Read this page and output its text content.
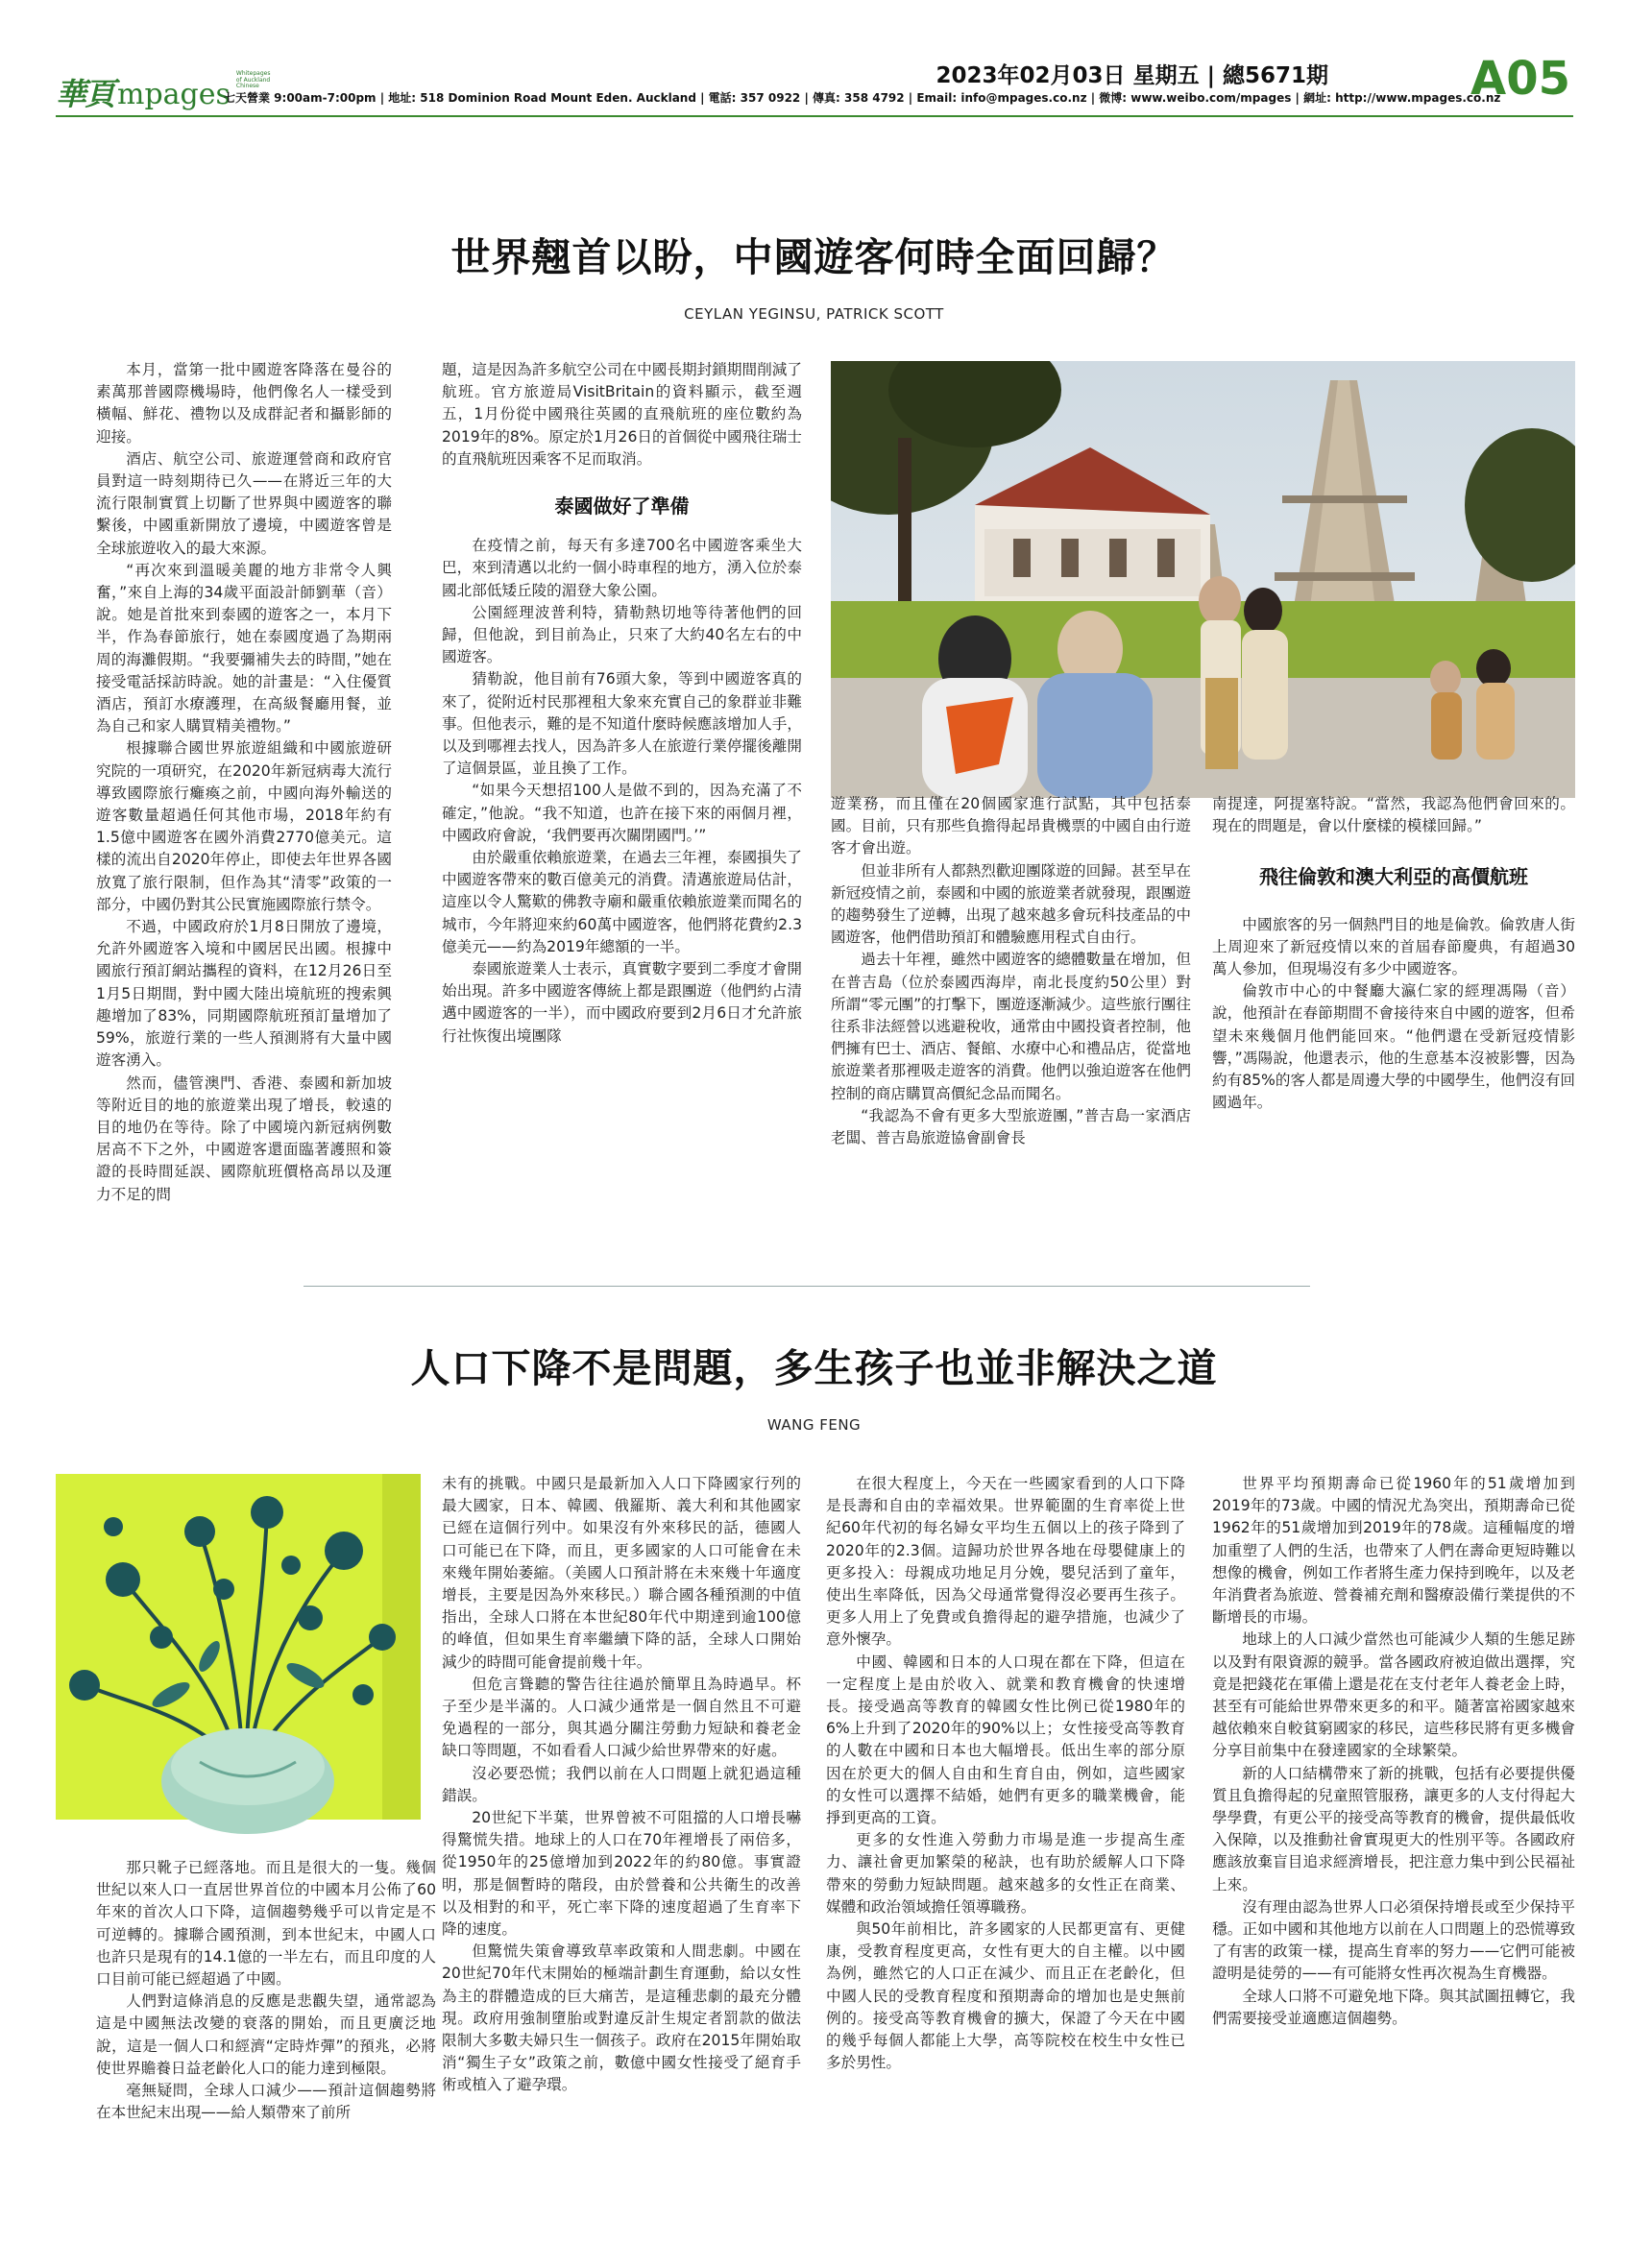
華頁 mpages
Whitepages of Auckland Chinese	2023年02月03日 星期五 | 總5671期	A05
七天營業 9:00am-7:00pm | 地址: 518 Dominion Road Mount Eden. Auckland | 電話: 357 0922 | 傳真: 358 4792 | Email: info@mpages.co.nz | 微博: www.weibo.com/mpages | 網址: http://www.mpages.co.nz
世界翹首以盼，中國遊客何時全面回歸？
CEYLAN YEGINSU, PATRICK SCOTT

本月，當第一批中國遊客降落在曼谷的素萬那普國際機場時，他們像名人一樣受到橫幅、鮮花、禮物以及成群記者和攝影師的迎接。

酒店、航空公司、旅遊運營商和政府官員對這一時刻期待已久——在將近三年的大流行限制實質上切斷了世界與中國遊客的聯繫後，中國重新開放了邊境，中國遊客曾是全球旅遊收入的最大來源。

“再次來到溫暖美麗的地方非常令人興奮，”來自上海的34歲平面設計師劉華（音）說。她是首批來到泰國的遊客之一，本月下半，作為春節旅行，她在泰國度過了為期兩周的海灘假期。“我要彌補失去的時間，”她在接受電話採訪時說。她的計畫是：“入住優質酒店，預訂水療護理，在高級餐廳用餐，並為自己和家人購買精美禮物。”

根據聯合國世界旅遊組織和中國旅遊研究院的一項研究，在2020年新冠病毒大流行導致國際旅行癱瘓之前，中國向海外輸送的遊客數量超過任何其他市場，2018年約有1.5億中國遊客在國外消費2770億美元。這樣的流出自2020年停止，即使去年世界各國放寬了旅行限制，但作為其“清零”政策的一部分，中國仍對其公民實施國際旅行禁令。

不過，中國政府於1月8日開放了邊境，允許外國遊客入境和中國居民出國。根據中國旅行預訂網站攜程的資料，在12月26日至1月5日期間，對中國大陸出境航班的搜索興趣增加了83%，同期國際航班預訂量增加了59%，旅遊行業的一些人預測將有大量中國遊客湧入。

然而，儘管澳門、香港、泰國和新加坡等附近目的地的旅遊業出現了增長，較遠的目的地仍在等待。除了中國境內新冠病例數居高不下之外，中國遊客還面臨著護照和簽證的長時間延誤、國際航班價格高昂以及運力不足的問

題，這是因為許多航空公司在中國長期封鎖期間削減了航班。官方旅遊局VisitBritain的資料顯示，截至週五，1月份從中國飛往英國的直飛航班的座位數約為2019年的8%。原定於1月26日的首個從中國飛往瑞士的直飛航班因乘客不足而取消。

泰國做好了準備

在疫情之前，每天有多達700名中國遊客乘坐大巴，來到清邁以北約一個小時車程的地方，湧入位於泰國北部低矮丘陵的湄登大象公園。

公園經理波普利特，猜勒熱切地等待著他們的回歸，但他說，到目前為止，只來了大約40名左右的中國遊客。

猜勒說，他目前有76頭大象，等到中國遊客真的來了，從附近村民那裡租大象來充實自己的象群並非難事。但他表示，難的是不知道什麼時候應該增加人手，以及到哪裡去找人，因為許多人在旅遊行業停擺後離開了這個景區，並且換了工作。

“如果今天想招100人是做不到的，因為充滿了不確定，”他說。“我不知道，也許在接下來的兩個月裡，中國政府會說，‘我們要再次關閉國門。’”

由於嚴重依賴旅遊業，在過去三年裡，泰國損失了中國遊客帶來的數百億美元的消費。清邁旅遊局估計，這座以令人驚歎的佛教寺廟和嚴重依賴旅遊業而聞名的城市，今年將迎來約60萬中國遊客，他們將花費約2.3億美元——約為2019年總額的一半。

泰國旅遊業人士表示，真實數字要到二季度才會開始出現。許多中國遊客傳統上都是跟團遊（他們約占清邁中國遊客的一半），而中國政府要到2月6日才允許旅行社恢復出境團隊

遊業務，而且僅在20個國家進行試點，其中包括泰國。目前，只有那些負擔得起昂貴機票的中國自由行遊客才會出遊。

但並非所有人都熱烈歡迎團隊遊的回歸。甚至早在新冠疫情之前，泰國和中國的旅遊業者就發現，跟團遊的趨勢發生了逆轉，出現了越來越多會玩科技產品的中國遊客，他們借助預訂和體驗應用程式自由行。

過去十年裡，雖然中國遊客的總體數量在增加，但在普吉島（位於泰國西海岸，南北長度約50公里）對所謂“零元團”的打擊下，團遊逐漸減少。這些旅行團往往系非法經營以逃避稅收，通常由中國投資者控制，他們擁有巴士、酒店、餐館、水療中心和禮品店，從當地旅遊業者那裡吸走遊客的消費。他們以強迫遊客在他們控制的商店購買高價紀念品而聞名。

“我認為不會有更多大型旅遊團，”普吉島一家酒店老闆、普吉島旅遊協會副會長

南提達，阿提塞特說。“當然，我認為他們會回來的。現在的問題是，會以什麼樣的模樣回歸。”

飛往倫敦和澳大利亞的高價航班

中國旅客的另一個熱門目的地是倫敦。倫敦唐人街上周迎來了新冠疫情以來的首屆春節慶典，有超過30萬人參加，但現場沒有多少中國遊客。

倫敦市中心的中餐廳大瀛仁家的經理馮陽（音）說，他預計在春節期間不會接待來自中國的遊客，但希望未來幾個月他們能回來。“他們還在受新冠疫情影響，”馮陽說，他還表示，他的生意基本沒被影響，因為約有85%的客人都是周邊大學的中國學生，他們沒有回國過年。

人口下降不是問題，多生孩子也並非解決之道
WANG FENG

那只靴子已經落地。而且是很大的一隻。幾個世紀以來人口一直居世界首位的中國本月公佈了60年來的首次人口下降，這個趨勢幾乎可以肯定是不可逆轉的。據聯合國預測，到本世紀末，中國人口也許只是現有的14.1億的一半左右，而且印度的人口目前可能已經超過了中國。

人們對這條消息的反應是悲觀失望，通常認為這是中國無法改變的衰落的開始，而且更廣泛地說，這是一個人口和經濟“定時炸彈”的預兆，必將使世界贍養日益老齡化人口的能力達到極限。

毫無疑問，全球人口減少——預計這個趨勢將在本世紀末出現——給人類帶來了前所

未有的挑戰。中國只是最新加入人口下降國家行列的最大國家，日本、韓國、俄羅斯、義大利和其他國家已經在這個行列中。如果沒有外來移民的話，德國人口可能已在下降，而且，更多國家的人口可能會在未來幾年開始萎縮。（美國人口預計將在未來幾十年適度增長，主要是因為外來移民。）聯合國各種預測的中值指出，全球人口將在本世紀80年代中期達到逾100億的峰值，但如果生育率繼續下降的話，全球人口開始減少的時間可能會提前幾十年。

但危言聳聽的警告往往過於簡單且為時過早。杯子至少是半滿的。人口減少通常是一個自然且不可避免過程的一部分，與其過分關注勞動力短缺和養老金缺口等問題，不如看看人口減少給世界帶來的好處。

沒必要恐慌；我們以前在人口問題上就犯過這種錯誤。

20世紀下半葉，世界曾被不可阻擋的人口增長嚇得驚慌失措。地球上的人口在70年裡增長了兩倍多，從1950年的25億增加到2022年的約80億。事實證明，那是個暫時的階段，由於營養和公共衛生的改善以及相對的和平，死亡率下降的速度超過了生育率下降的速度。

但驚慌失策會導致草率政策和人間悲劇。中國在20世紀70年代末開始的極端計劃生育運動，給以女性為主的群體造成的巨大痛苦，是這種悲劇的最充分體現。政府用強制墮胎或對違反計生規定者罰款的做法限制大多數夫婦只生一個孩子。政府在2015年開始取消“獨生子女”政策之前，數億中國女性接受了絕育手術或植入了避孕環。

在很大程度上，今天在一些國家看到的人口下降是長壽和自由的幸福效果。世界範圍的生育率從上世紀60年代初的每名婦女平均生五個以上的孩子降到了2020年的2.3個。這歸功於世界各地在母嬰健康上的更多投入：母親成功地足月分娩，嬰兒活到了童年，使出生率降低，因為父母通常覺得沒必要再生孩子。更多人用上了免費或負擔得起的避孕措施，也減少了意外懷孕。

中國、韓國和日本的人口現在都在下降，但這在一定程度上是由於收入、就業和教育機會的快速增長。接受過高等教育的韓國女性比例已從1980年的6%上升到了2020年的90%以上；女性接受高等教育的人數在中國和日本也大幅增長。低出生率的部分原因在於更大的個人自由和生育自由，例如，這些國家的女性可以選擇不結婚，她們有更多的職業機會，能掙到更高的工資。

更多的女性進入勞動力市場是進一步提高生產力、讓社會更加繁榮的秘訣，也有助於緩解人口下降帶來的勞動力短缺問題。越來越多的女性正在商業、媒體和政治領域擔任領導職務。

與50年前相比，許多國家的人民都更富有、更健康，受教育程度更高，女性有更大的自主權。以中國為例，雖然它的人口正在減少、而且正在老齡化，但中國人民的受教育程度和預期壽命的增加也是史無前例的。接受高等教育機會的擴大，保證了今天在中國的幾乎每個人都能上大學，高等院校在校生中女性已多於男性。

世界平均預期壽命已從1960年的51歲增加到2019年的73歲。中國的情況尤為突出，預期壽命已從1962年的51歲增加到2019年的78歲。這種幅度的增加重塑了人們的生活，也帶來了人們在壽命更短時難以想像的機會，例如工作者將生產力保持到晚年，以及老年消費者為旅遊、營養補充劑和醫療設備行業提供的不斷增長的市場。

地球上的人口減少當然也可能減少人類的生態足跡以及對有限資源的競爭。當各國政府被迫做出選擇，究竟是把錢花在軍備上還是花在支付老年人養老金上時，甚至有可能給世界帶來更多的和平。隨著富裕國家越來越依賴來自較貧窮國家的移民，這些移民將有更多機會分享目前集中在發達國家的全球繁榮。

新的人口結構帶來了新的挑戰，包括有必要提供優質且負擔得起的兒童照管服務，讓更多的人支付得起大學學費，有更公平的接受高等教育的機會，提供最低收入保障，以及推動社會實現更大的性別平等。各國政府應該放棄盲目追求經濟增長，把注意力集中到公民福祉上來。

沒有理由認為世界人口必須保持增長或至少保持平穩。正如中國和其他地方以前在人口問題上的恐慌導致了有害的政策一樣，提高生育率的努力——它們可能被證明是徒勞的——有可能將女性再次視為生育機器。

全球人口將不可避免地下降。與其試圖扭轉它，我們需要接受並適應這個趨勢。
